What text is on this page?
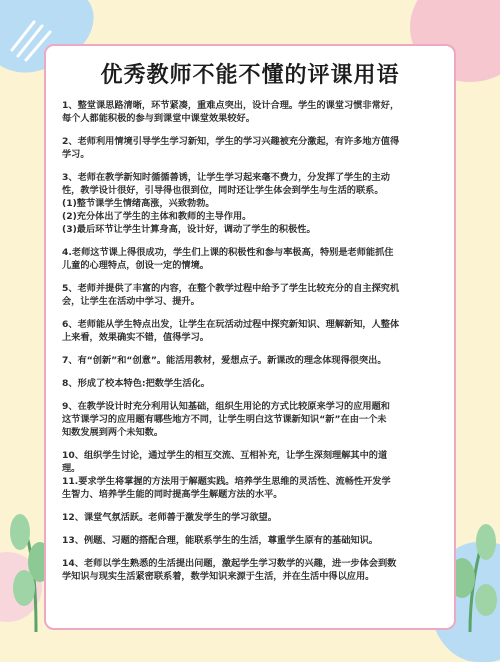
优秀教师不能不懂的评课用语
1、整堂课思路清晰，环节紧凑，重难点突出，设计合理。学生的课堂习惯非常好，
每个人都能积极的参与到课堂中课堂效果较好。
2、老师利用情境引导学生学习新知，学生的学习兴趣被充分激起，有许多地方值得
学习。
3、老师在教学新知时循循善诱，让学生学习起来毫不费力，分发挥了学生的主动
性，教学设计很好，引导得也很到位，同时还让学生体会到学生与生活的联系。
(1)整节课学生情绪高涨，兴致勃勃。
(2)充分体出了学生的主体和教师的主导作用。
(3)最后环节让学生计算身高，设计好，调动了学生的积极性。
4.老师这节课上得很成功，学生们上课的积极性和参与率极高，特别是老师能抓住
儿童的心理特点，创设一定的情境。
5、老师并提供了丰富的内容，在整个教学过程中给予了学生比较充分的自主探究机
会，让学生在活动中学习、提升。
6、老师能从学生特点出发，让学生在玩活动过程中探究新知识、理解新知，人整体
上来看，效果确实不错，值得学习。
7、有“创新”和“创意”。能活用教材，爱想点子。新课改的理念体现得很突出。
8、形成了校本特色:把数学生活化。
9、在教学设计时充分利用认知基础，组织生用论的方式比较原来学习的应用题和
这节课学习的应用题有哪些地方不同，让学生明白这节课新知识“新”在由一个未
知数发展到两个未知数。
10、组织学生讨论，通过学生的相互交流、互相补充，让学生深刻理解其中的道
理。
11.要求学生将掌握的方法用于解题实践。培养学生思维的灵活性、流畅性开发学
生智力、培养学生能的同时提高学生解题方法的水平。
12、课堂气氛活跃。老师善于激发学生的学习欲望。
13、例题、习题的搭配合理，能联系学生的生活，尊重学生原有的基础知识。
14、老师以学生熟悉的生活提出问题，激起学生学习数学的兴趣，进一步体会到数
学知识与现实生活紧密联系着，数学知识来源于生活，并在生活中得以应用。
